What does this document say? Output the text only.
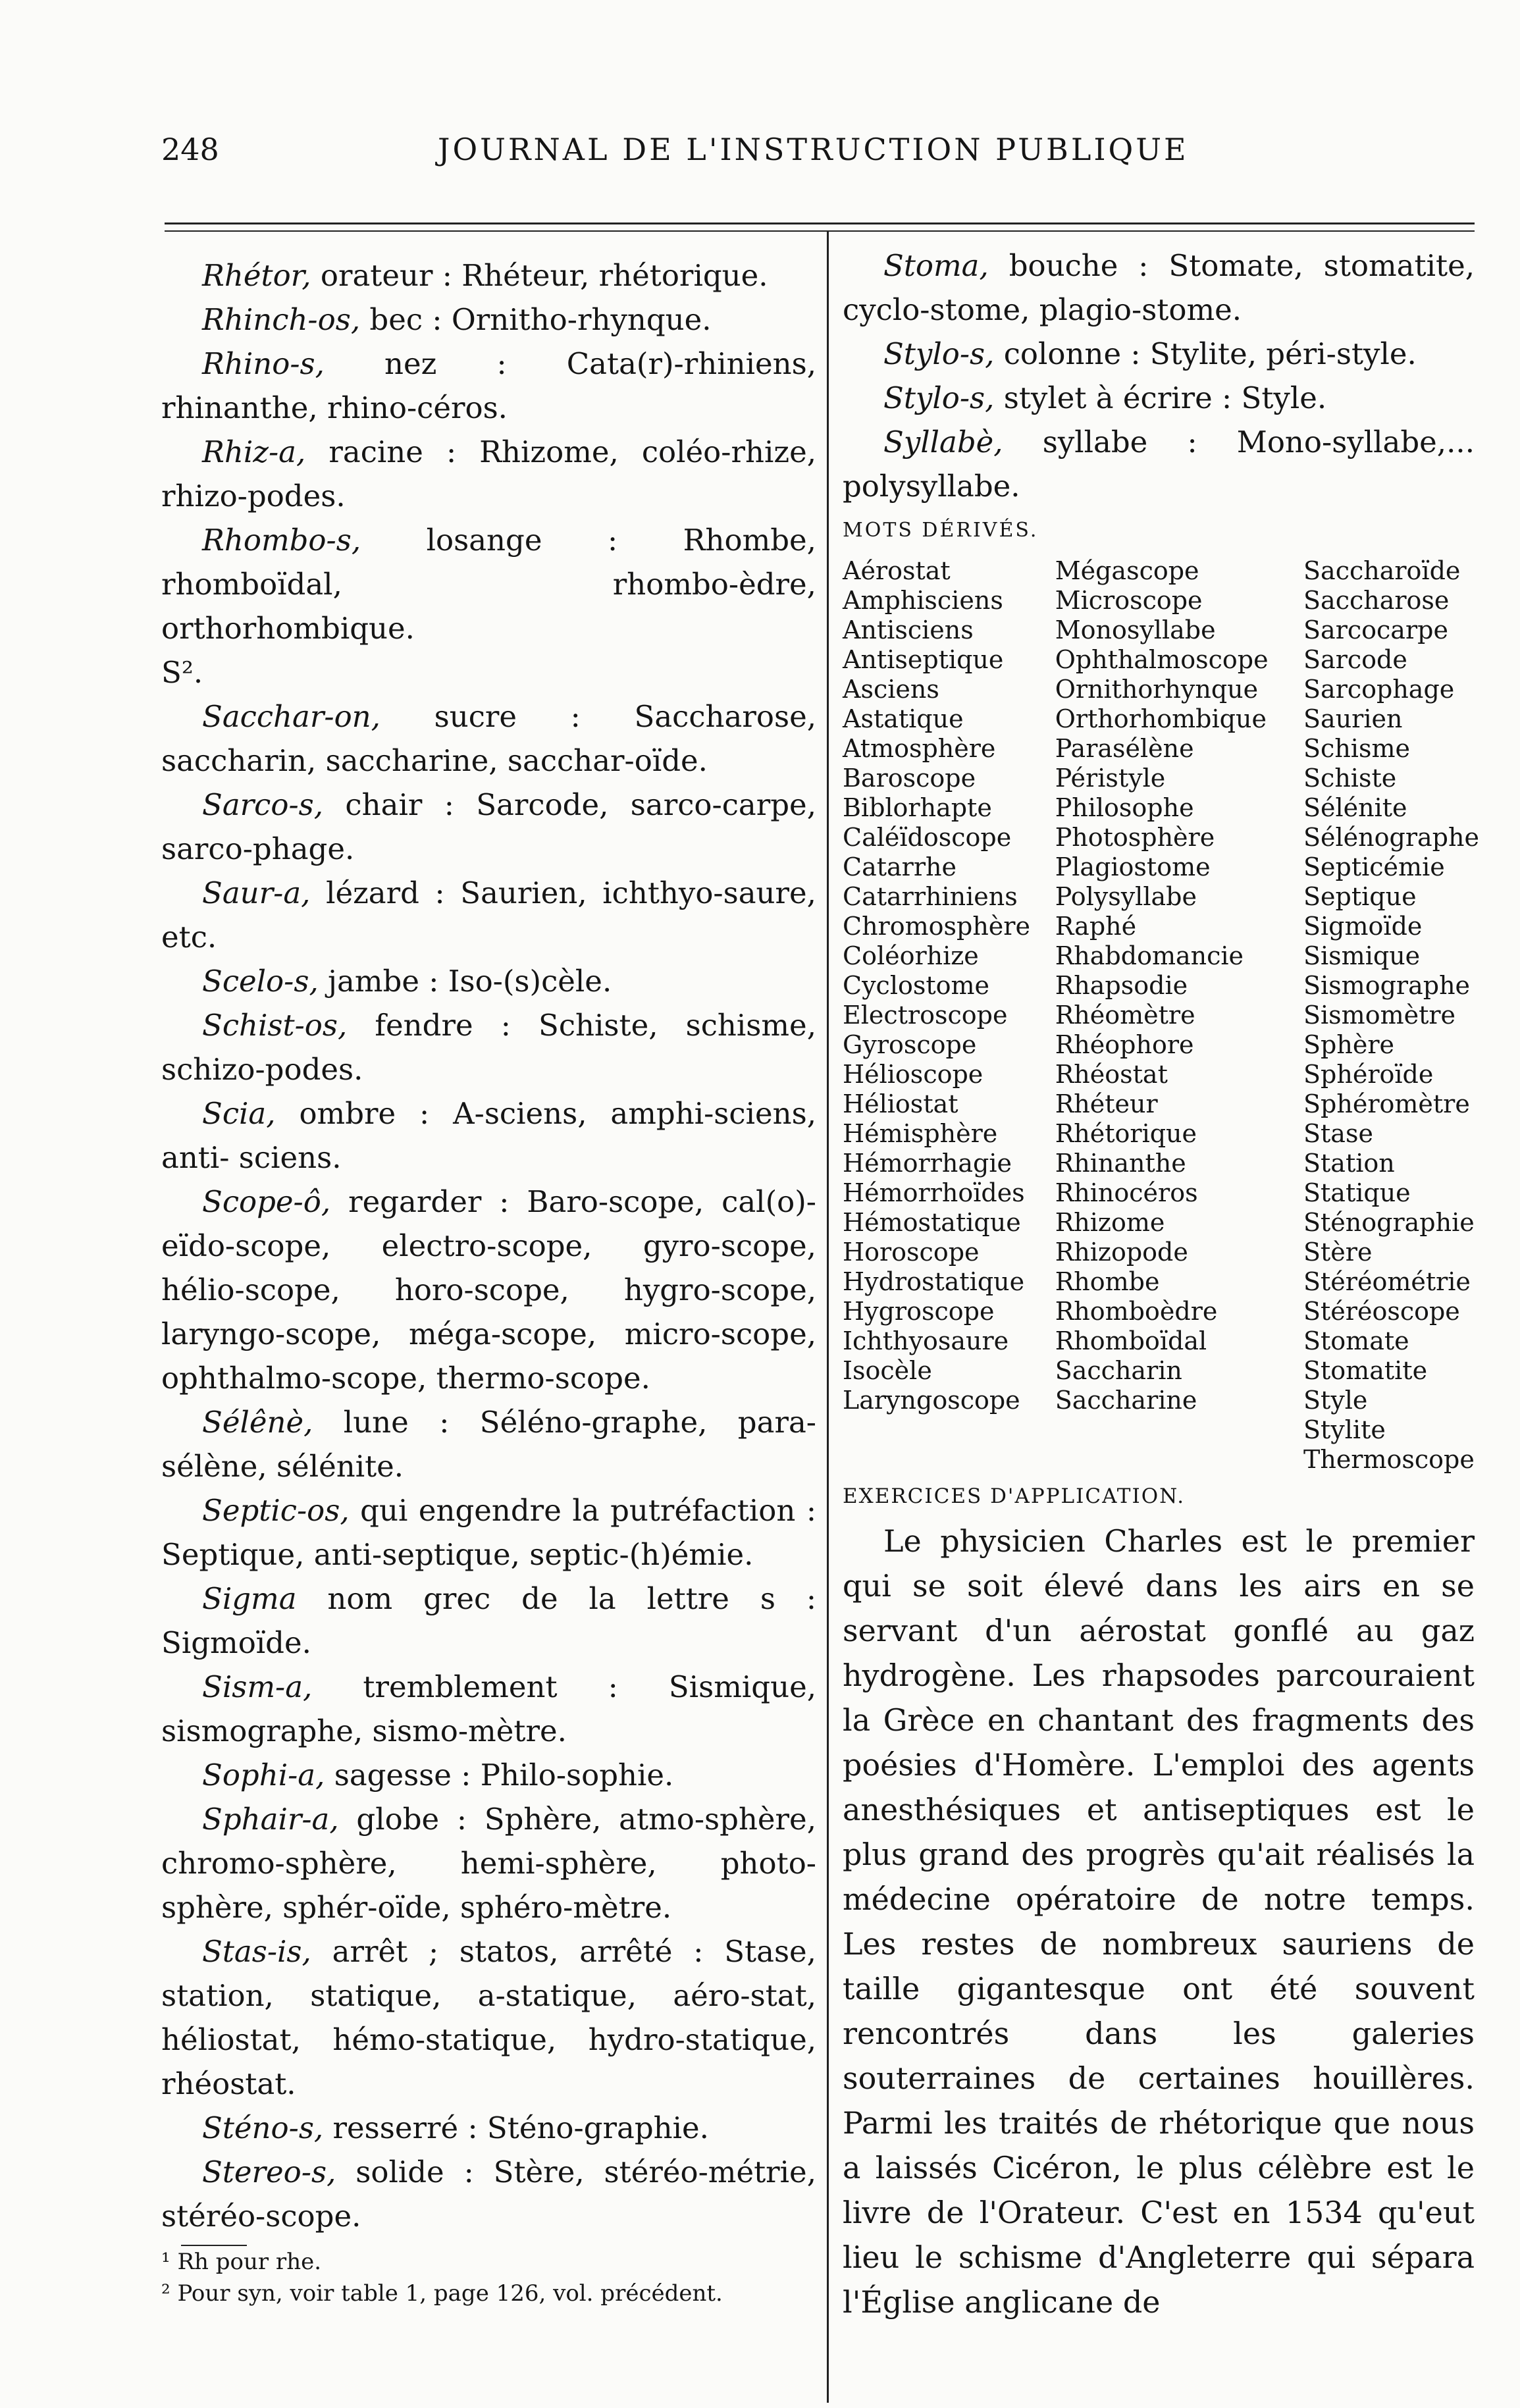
248	JOURNAL DE L'INSTRUCTION PUBLIQUE

Rhétor, orateur : Rhéteur, rhétorique.

Rhinch-os, bec : Ornitho-rhynque.

Rhino-s, nez : Cata(r)-rhiniens, rhinanthe, rhino-céros.

Rhiz-a, racine : Rhizome, coléo-rhize, rhizo-podes.

Rhombo-s, losange : Rhombe, rhomboïdal, rhombo-èdre, orthorhombique.

S².

Sacchar-on, sucre : Saccharose, saccharin, saccharine, sacchar-oïde.

Sarco-s, chair : Sarcode, sarco-carpe, sarco-phage.

Saur-a, lézard : Saurien, ichthyo-saure, etc.

Scelo-s, jambe : Iso-(s)cèle.

Schist-os, fendre : Schiste, schisme, schizo-podes.

Scia, ombre : A-sciens, amphi-sciens, anti- sciens.

Scope-ô, regarder : Baro-scope, cal(o)-eïdo-scope, electro-scope, gyro-scope, hélio-scope, horo-scope, hygro-scope, laryngo-scope, méga-scope, micro-scope, ophthalmo-scope, thermo-scope.

Sélênè, lune : Séléno-graphe, para-sélène, sélénite.

Septic-os, qui engendre la putréfaction : Septique, anti-septique, septic-(h)émie.

Sigma nom grec de la lettre s : Sigmoïde.

Sism-a, tremblement : Sismique, sismographe, sismo-mètre.

Sophi-a, sagesse : Philo-sophie.

Sphair-a, globe : Sphère, atmo-sphère, chromo-sphère, hemi-sphère, photo-sphère, sphér-oïde, sphéro-mètre.

Stas-is, arrêt ; statos, arrêté : Stase, station, statique, a-statique, aéro-stat, héliostat, hémo-statique, hydro-statique, rhéostat.

Sténo-s, resserré : Sténo-graphie.

Stereo-s, solide : Stère, stéréo-métrie, stéréo-scope.

¹ Rh pour rhe.

² Pour syn, voir table 1, page 126, vol. précédent.

Stoma, bouche : Stomate, stomatite, cyclo-stome, plagio-stome.

Stylo-s, colonne : Stylite, péri-style.

Stylo-s, stylet à écrire : Style.

Syllabè, syllabe : Mono-syllabe,... polysyllabe.

MOTS DÉRIVÉS.

Aérostat
Amphisciens
Antisciens
Antiseptique
Asciens
Astatique
Atmosphère
Baroscope
Biblorhapte
Caléïdoscope
Catarrhe
Catarrhiniens
Chromosphère
Coléorhize
Cyclostome
Electroscope
Gyroscope
Hélioscope
Héliostat
Hémisphère
Hémorrhagie
Hémorrhoïdes
Hémostatique
Horoscope
Hydrostatique
Hygroscope
Ichthyosaure
Isocèle
Laryngoscope
Mégascope
Microscope
Monosyllabe
Ophthalmoscope
Ornithorhynque
Orthorhombique
Parasélène
Péristyle
Philosophe
Photosphère
Plagiostome
Polysyllabe
Raphé
Rhabdomancie
Rhapsodie
Rhéomètre
Rhéophore
Rhéostat
Rhéteur
Rhétorique
Rhinanthe
Rhinocéros
Rhizome
Rhizopode
Rhombe
Rhomboèdre
Rhomboïdal
Saccharin
Saccharine
Saccharoïde
Saccharose
Sarcocarpe
Sarcode
Sarcophage
Saurien
Schisme
Schiste
Sélénite
Sélénographe
Septicémie
Septique
Sigmoïde
Sismique
Sismographe
Sismomètre
Sphère
Sphéroïde
Sphéromètre
Stase
Station
Statique
Sténographie
Stère
Stéréométrie
Stéréoscope
Stomate
Stomatite
Style
Stylite
Thermoscope

EXERCICES D'APPLICATION.

Le physicien Charles est le premier qui se soit élevé dans les airs en se servant d'un aérostat gonflé au gaz hydrogène. Les rhapsodes parcouraient la Grèce en chantant des fragments des poésies d'Homère. L'emploi des agents anesthésiques et antiseptiques est le plus grand des progrès qu'ait réalisés la médecine opératoire de notre temps. Les restes de nombreux sauriens de taille gigantesque ont été souvent rencontrés dans les galeries souterraines de certaines houillères. Parmi les traités de rhétorique que nous a laissés Cicéron, le plus célèbre est le livre de l'Orateur. C'est en 1534 qu'eut lieu le schisme d'Angleterre qui sépara l'Église anglicane de
